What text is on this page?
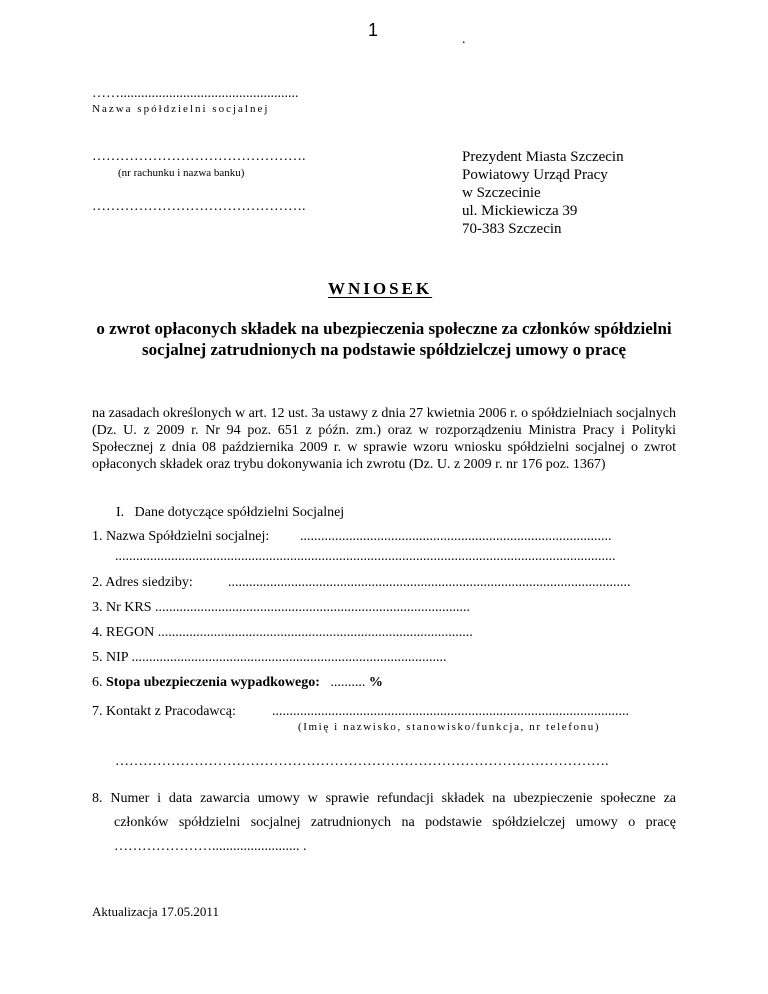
1	.
……...................................................
Nazwa spółdzielni socjalnej
……………………………………….
(nr rachunku i nazwa banku)
……………………………………….
Prezydent Miasta Szczecin
Powiatowy Urząd Pracy
w Szczecinie
ul. Mickiewicza 39
70-383 Szczecin
WNIOSEK
o zwrot opłaconych składek na ubezpieczenia społeczne za członków spółdzielni socjalnej zatrudnionych na podstawie spółdzielczej umowy o pracę
na zasadach określonych w art. 12 ust. 3a ustawy z dnia 27 kwietnia 2006 r. o spółdzielniach socjalnych (Dz. U. z 2009 r. Nr 94 poz. 651 z późn. zm.) oraz w rozporządzeniu Ministra Pracy i Polityki Społecznej z dnia 08 października 2009 r. w sprawie wzoru wniosku spółdzielni socjalnej o zwrot opłaconych składek oraz trybu dokonywania ich zwrotu (Dz. U. z 2009 r. nr 176 poz. 1367)
I. Dane dotyczące spółdzielni Socjalnej
1. Nazwa Spółdzielni socjalnej: .........................................................................................
...............................................................................................................................................
2. Adres siedziby:	...................................................................................................................
3. Nr KRS ..........................................................................................
4. REGON ..........................................................................................
5. NIP ..........................................................................................
6. Stopa ubezpieczenia wypadkowego: .......... %
7. Kontakt z Pracodawcą:	......................................................................................................
(Imię i nazwisko, stanowisko/funkcja, nr telefonu)
…………………………………………………………………………………………….
8. Numer i data zawarcia umowy w sprawie refundacji składek na ubezpieczenie społeczne za członków spółdzielni socjalnej zatrudnionych na podstawie spółdzielczej umowy o pracę …………………......................... .
Aktualizacja 17.05.2011
